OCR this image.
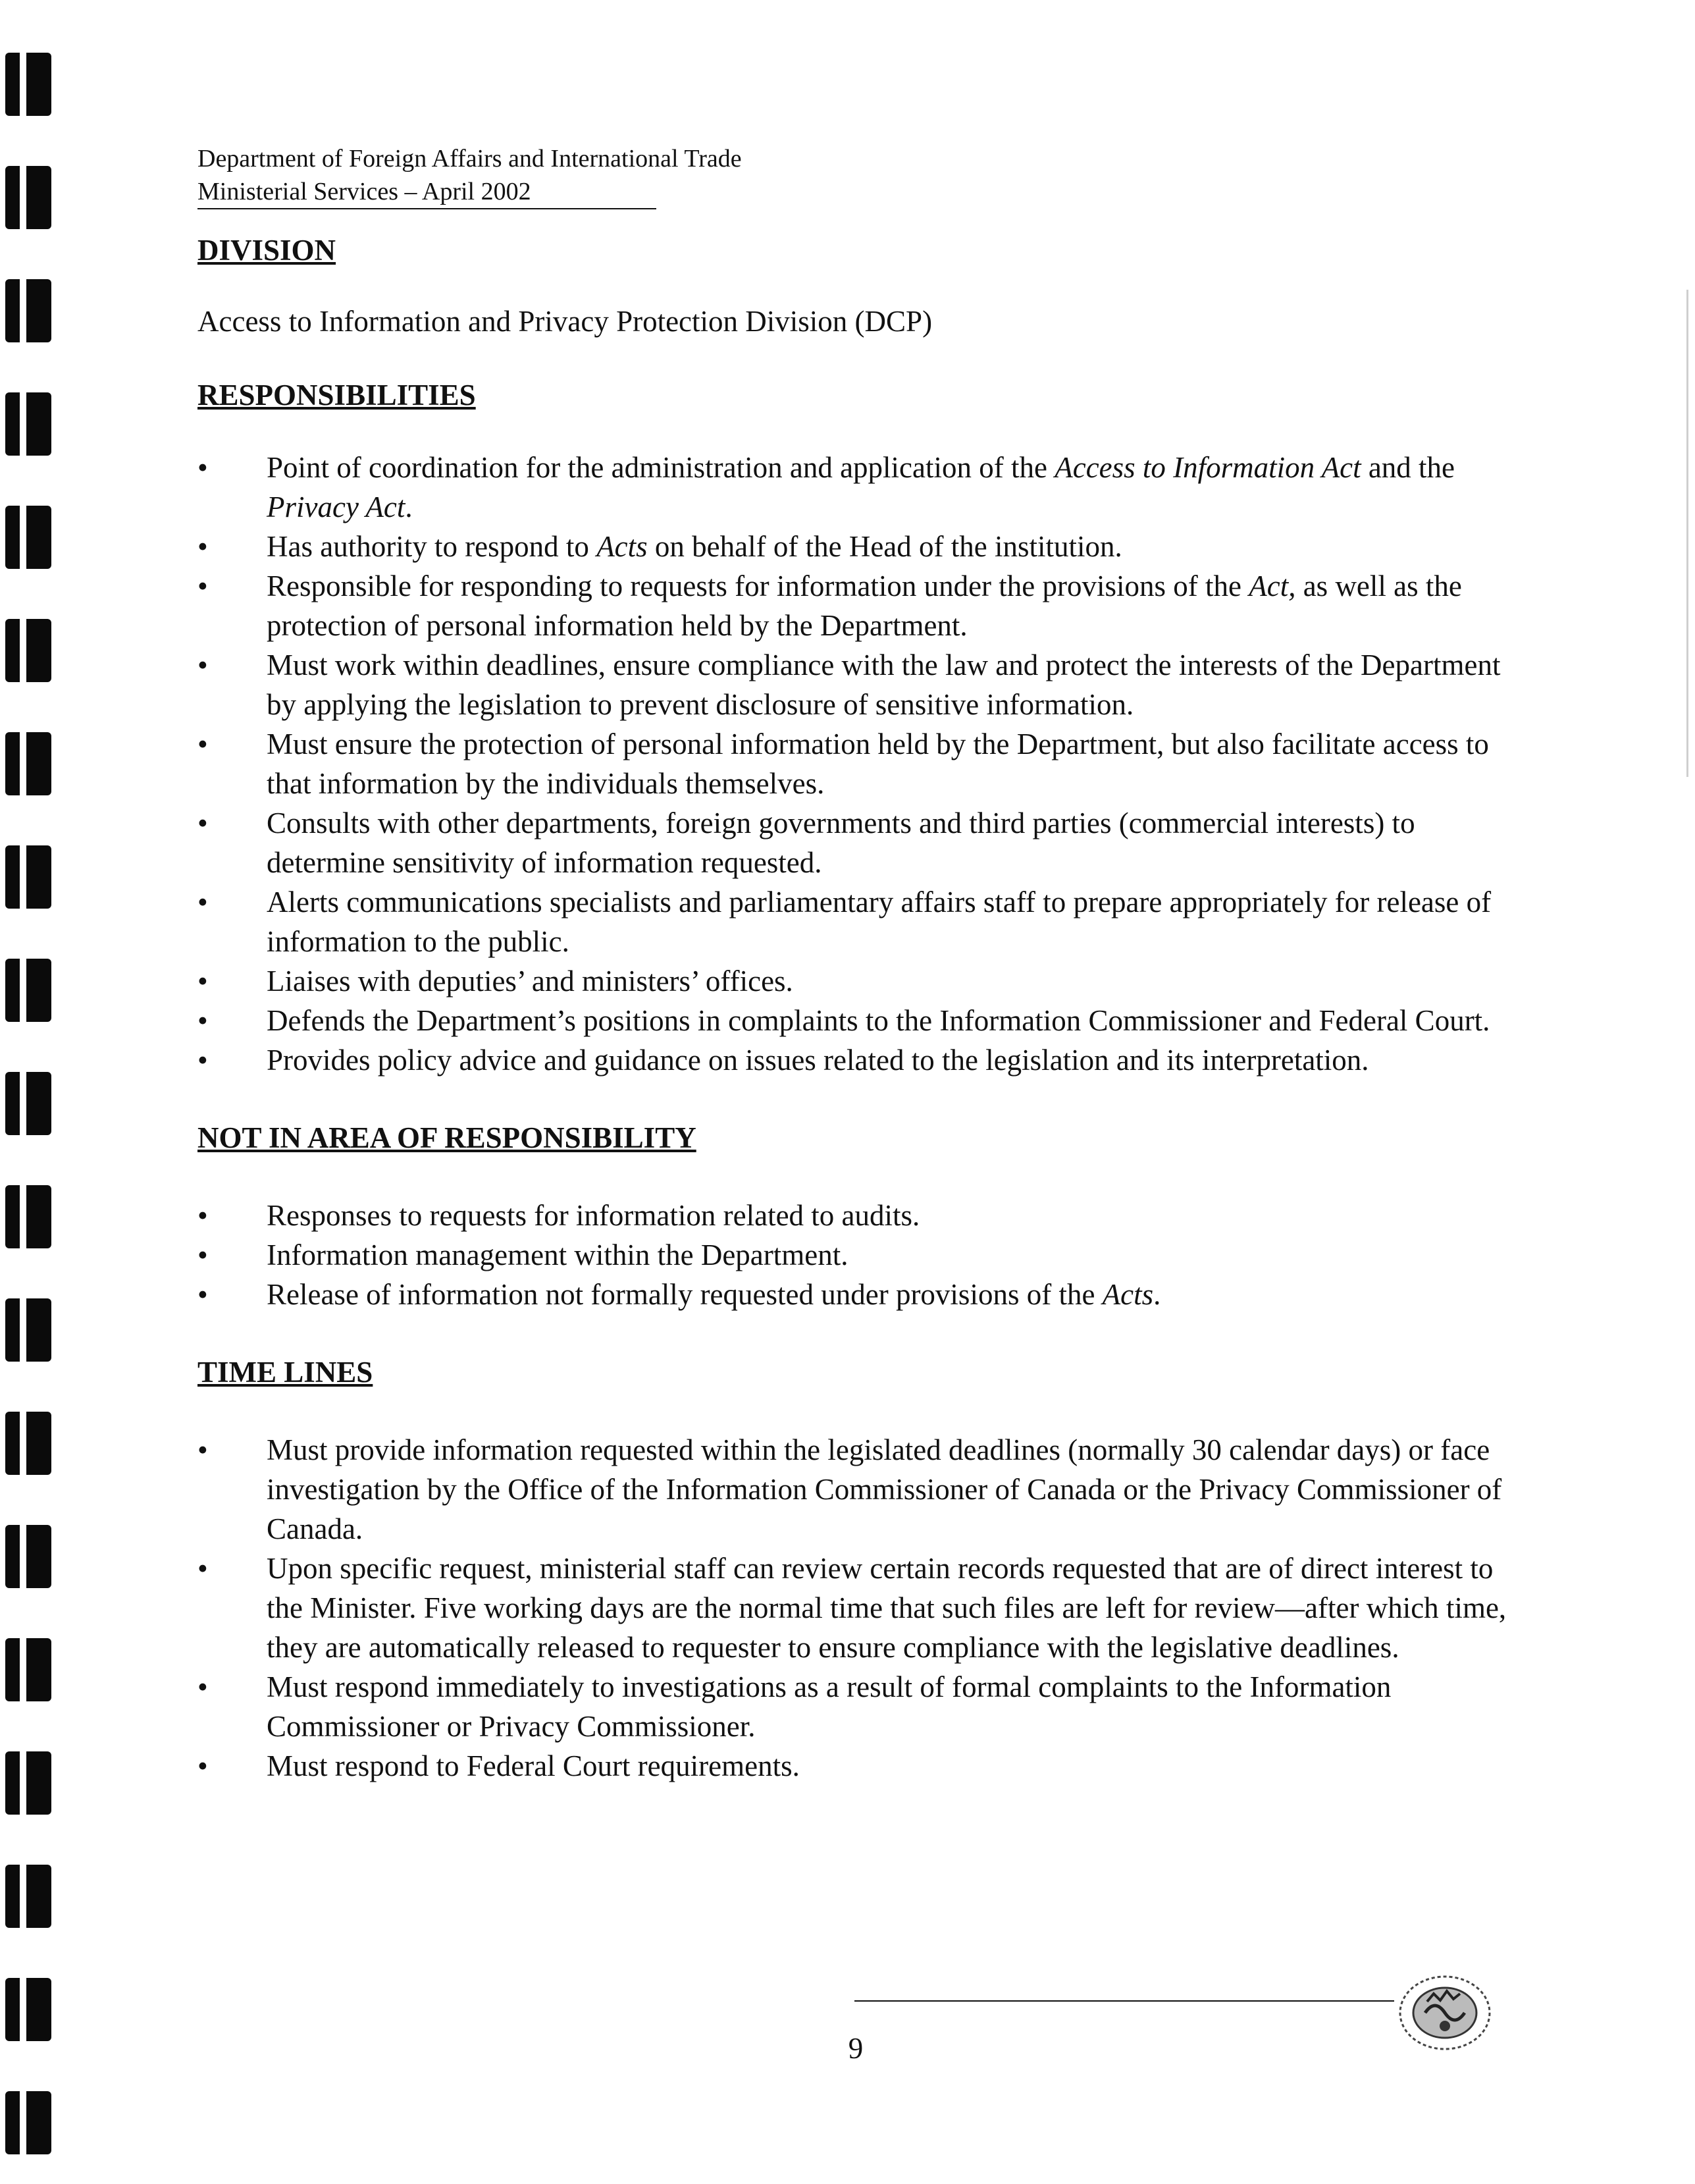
Department of Foreign Affairs and International Trade
Ministerial Services – April 2002
DIVISION

Access to Information and Privacy Protection Division (DCP)

RESPONSIBILITIES
• Point of coordination for the administration and application of the Access to Information Act and the Privacy Act.
• Has authority to respond to Acts on behalf of the Head of the institution.
• Responsible for responding to requests for information under the provisions of the Act, as well as the protection of personal information held by the Department.
• Must work within deadlines, ensure compliance with the law and protect the interests of the Department by applying the legislation to prevent disclosure of sensitive information.
• Must ensure the protection of personal information held by the Department, but also facilitate access to that information by the individuals themselves.
• Consults with other departments, foreign governments and third parties (commercial interests) to determine sensitivity of information requested.
• Alerts communications specialists and parliamentary affairs staff to prepare appropriately for release of information to the public.
• Liaises with deputies’ and ministers’ offices.
• Defends the Department’s positions in complaints to the Information Commissioner and Federal Court.
• Provides policy advice and guidance on issues related to the legislation and its interpretation.
NOT IN AREA OF RESPONSIBILITY
• Responses to requests for information related to audits.
• Information management within the Department.
• Release of information not formally requested under provisions of the Acts.
TIME LINES
• Must provide information requested within the legislated deadlines (normally 30 calendar days) or face investigation by the Office of the Information Commissioner of Canada or the Privacy Commissioner of Canada.
• Upon specific request, ministerial staff can review certain records requested that are of direct interest to the Minister. Five working days are the normal time that such files are left for review—after which time, they are automatically released to requester to ensure compliance with the legislative deadlines.
• Must respond immediately to investigations as a result of formal complaints to the Information Commissioner or Privacy Commissioner.
• Must respond to Federal Court requirements.
9
